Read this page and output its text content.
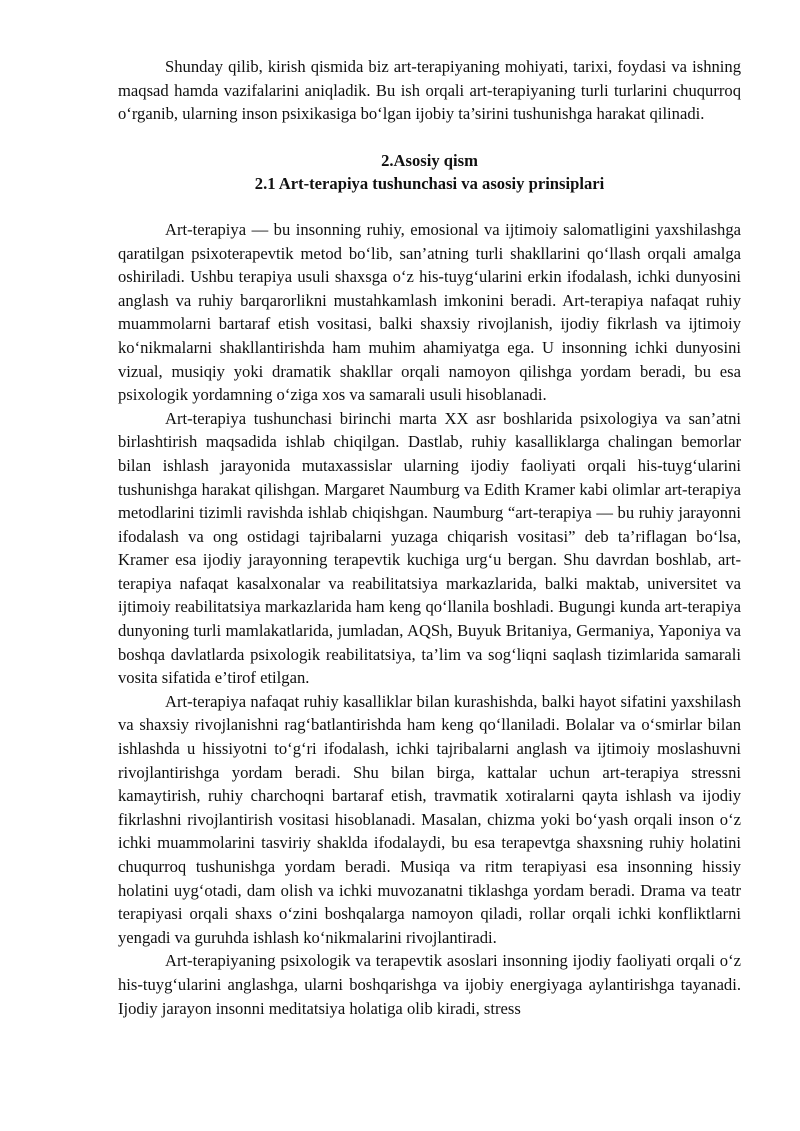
Shunday qilib, kirish qismida biz art-terapiyaning mohiyati, tarixi, foydasi va ishning maqsad hamda vazifalarini aniqladik. Bu ish orqali art-terapiyaning turli turlarini chuqurroq o‘rganib, ularning inson psixikasiga bo‘lgan ijobiy ta’sirini tushunishga harakat qilinadi.

2.Asosiy qism

2.1 Art-terapiya tushunchasi va asosiy prinsiplari

Art-terapiya — bu insonning ruhiy, emosional va ijtimoiy salomatligini yaxshilashga qaratilgan psixoterapevtik metod bo‘lib, san’atning turli shakllarini qo‘llash orqali amalga oshiriladi. Ushbu terapiya usuli shaxsga o‘z his-tuyg‘ularini erkin ifodalash, ichki dunyosini anglash va ruhiy barqarorlikni mustahkamlash imkonini beradi. Art-terapiya nafaqat ruhiy muammolarni bartaraf etish vositasi, balki shaxsiy rivojlanish, ijodiy fikrlash va ijtimoiy ko‘nikmalarni shakllantirishda ham muhim ahamiyatga ega. U insonning ichki dunyosini vizual, musiqiy yoki dramatik shakllar orqali namoyon qilishga yordam beradi, bu esa psixologik yordamning o‘ziga xos va samarali usuli hisoblanadi.

Art-terapiya tushunchasi birinchi marta XX asr boshlarida psixologiya va san’atni birlashtirish maqsadida ishlab chiqilgan. Dastlab, ruhiy kasalliklarga chalingan bemorlar bilan ishlash jarayonida mutaxassislar ularning ijodiy faoliyati orqali his-tuyg‘ularini tushunishga harakat qilishgan. Margaret Naumburg va Edith Kramer kabi olimlar art-terapiya metodlarini tizimli ravishda ishlab chiqishgan. Naumburg “art-terapiya — bu ruhiy jarayonni ifodalash va ong ostidagi tajribalarni yuzaga chiqarish vositasi” deb ta’riflagan bo‘lsa, Kramer esa ijodiy jarayonning terapevtik kuchiga urg‘u bergan. Shu davrdan boshlab, art-terapiya nafaqat kasalxonalar va reabilitatsiya markazlarida, balki maktab, universitet va ijtimoiy reabilitatsiya markazlarida ham keng qo‘llanila boshladi. Bugungi kunda art-terapiya dunyoning turli mamlakatlarida, jumladan, AQSh, Buyuk Britaniya, Germaniya, Yaponiya va boshqa davlatlarda psixologik reabilitatsiya, ta’lim va sog‘liqni saqlash tizimlarida samarali vosita sifatida e’tirof etilgan.

Art-terapiya nafaqat ruhiy kasalliklar bilan kurashishda, balki hayot sifatini yaxshilash va shaxsiy rivojlanishni rag‘batlantirishda ham keng qo‘llaniladi. Bolalar va o‘smirlar bilan ishlashda u hissiyotni to‘g‘ri ifodalash, ichki tajribalarni anglash va ijtimoiy moslashuvni rivojlantirishga yordam beradi. Shu bilan birga, kattalar uchun art-terapiya stressni kamaytirish, ruhiy charchoqni bartaraf etish, travmatik xotiralarni qayta ishlash va ijodiy fikrlashni rivojlantirish vositasi hisoblanadi. Masalan, chizma yoki bo‘yash orqali inson o‘z ichki muammolarini tasviriy shaklda ifodalaydi, bu esa terapevtga shaxsning ruhiy holatini chuqurroq tushunishga yordam beradi. Musiqa va ritm terapiyasi esa insonning hissiy holatini uyg‘otadi, dam olish va ichki muvozanatni tiklashga yordam beradi. Drama va teatr terapiyasi orqali shaxs o‘zini boshqalarga namoyon qiladi, rollar orqali ichki konfliktlarni yengadi va guruhda ishlash ko‘nikmalarini rivojlantiradi.

Art-terapiyaning psixologik va terapevtik asoslari insonning ijodiy faoliyati orqali o‘z his-tuyg‘ularini anglashga, ularni boshqarishga va ijobiy energiyaga aylantirishga tayanadi. Ijodiy jarayon insonni meditatsiya holatiga olib kiradi, stress
